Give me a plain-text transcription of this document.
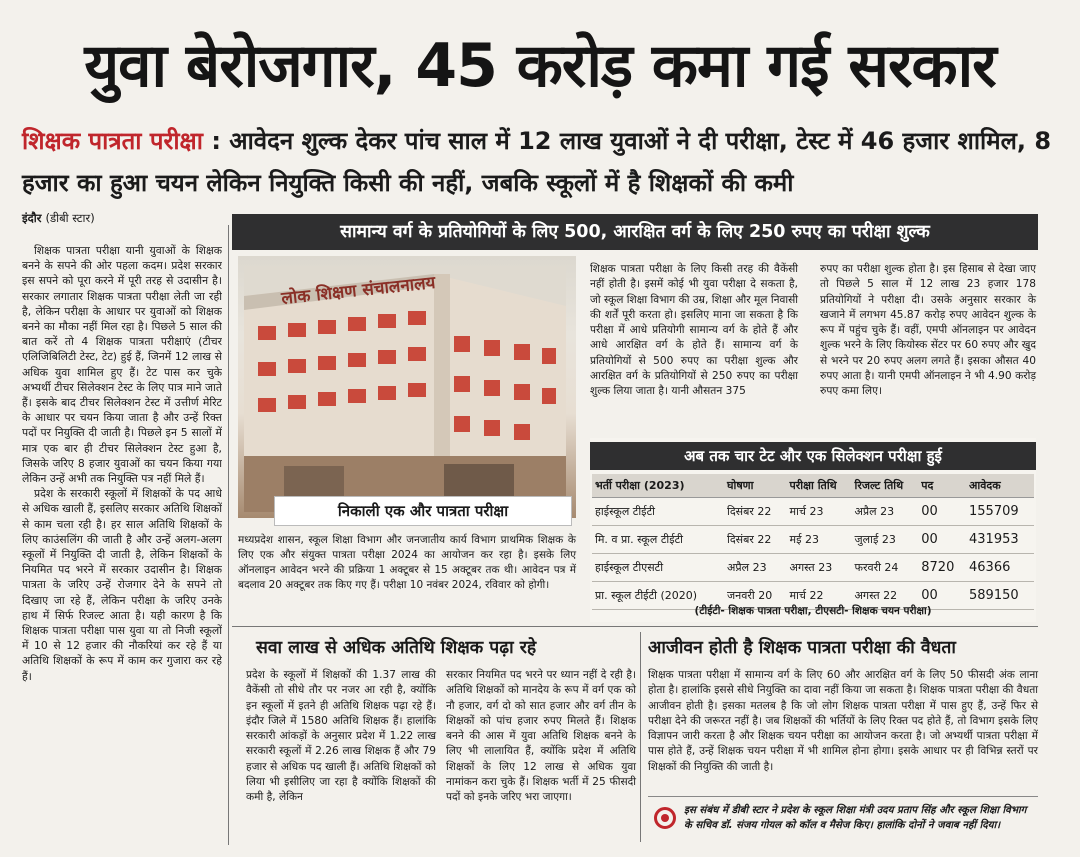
युवा बेरोजगार, 45 करोड़ कमा गई सरकार
शिक्षक पात्रता परीक्षा : आवेदन शुल्क देकर पांच साल में 12 लाख युवाओं ने दी परीक्षा, टेस्ट में 46 हजार शामिल, 8 हजार का हुआ चयन लेकिन नियुक्ति किसी की नहीं, जबकि स्कूलों में है शिक्षकों की कमी
इंदौर (डीबी स्टार)

शिक्षक पात्रता परीक्षा यानी युवाओं के शिक्षक बनने के सपने की ओर पहला कदम। प्रदेश सरकार इस सपने को पूरा करने में पूरी तरह से उदासीन है। सरकार लगातार शिक्षक पात्रता परीक्षा लेती जा रही है, लेकिन परीक्षा के आधार पर युवाओं को शिक्षक बनने का मौका नहीं मिल रहा है। पिछले 5 साल की बात करें तो 4 शिक्षक पात्रता परीक्षाएं (टीचर एलिजिबिलिटी टेस्ट, टेट) हुई हैं, जिनमें 12 लाख से अधिक युवा शामिल हुए हैं। टेट पास कर चुके अभ्यर्थी टीचर सिलेक्शन टेस्ट के लिए पात्र माने जाते हैं। इसके बाद टीचर सिलेक्शन टेस्ट में उत्तीर्ण मेरिट के आधार पर चयन किया जाता है और उन्हें रिक्त पदों पर नियुक्ति दी जाती है। पिछले इन 5 सालों में मात्र एक बार ही टीचर सिलेक्शन टेस्ट हुआ है, जिसके जरिए 8 हजार युवाओं का चयन किया गया लेकिन उन्हें अभी तक नियुक्ति पत्र नहीं मिले हैं।

प्रदेश के सरकारी स्कूलों में शिक्षकों के पद आधे से अधिक खाली हैं, इसलिए सरकार अतिथि शिक्षकों से काम चला रही है। हर साल अतिथि शिक्षकों के लिए काउंसलिंग की जाती है और उन्हें अलग-अलग स्कूलों में नियुक्ति दी जाती है, लेकिन शिक्षकों के नियमित पद भरने में सरकार उदासीन है। शिक्षक पात्रता के जरिए उन्हें रोजगार देने के सपने तो दिखाए जा रहे हैं, लेकिन परीक्षा के जरिए उनके हाथ में सिर्फ रिजल्ट आता है। यही कारण है कि शिक्षक पात्रता परीक्षा पास युवा या तो निजी स्कूलों में 10 से 12 हजार की नौकरियां कर रहे हैं या अतिथि शिक्षकों के रूप में काम कर गुजारा कर रहे हैं।

सामान्य वर्ग के प्रतियोगियों के लिए 500, आरक्षित वर्ग के लिए 250 रुपए का परीक्षा शुल्क
लोक शिक्षण संचालनालय
निकाली एक और पात्रता परीक्षा
मध्यप्रदेश शासन, स्कूल शिक्षा विभाग और जनजातीय कार्य विभाग प्राथमिक शिक्षक के लिए एक और संयुक्त पात्रता परीक्षा 2024 का आयोजन कर रहा है। इसके लिए ऑनलाइन आवेदन भरने की प्रक्रिया 1 अक्टूबर से 15 अक्टूबर तक थी। आवेदन पत्र में बदलाव 20 अक्टूबर तक किए गए हैं। परीक्षा 10 नवंबर 2024, रविवार को होगी।
शिक्षक पात्रता परीक्षा के लिए किसी तरह की वैकेंसी नहीं होती है। इसमें कोई भी युवा परीक्षा दे सकता है, जो स्कूल शिक्षा विभाग की उम्र, शिक्षा और मूल निवासी की शर्तें पूरी करता हो। इसलिए माना जा सकता है कि परीक्षा में आधे प्रतियोगी सामान्य वर्ग के होते हैं और आधे आरक्षित वर्ग के होते हैं। सामान्य वर्ग के प्रतियोगियों से 500 रुपए का परीक्षा शुल्क और आरक्षित वर्ग के प्रतियोगियों से 250 रुपए का परीक्षा शुल्क लिया जाता है। यानी औसतन 375
रुपए का परीक्षा शुल्क होता है। इस हिसाब से देखा जाए तो पिछले 5 साल में 12 लाख 23 हजार 178 प्रतियोगियों ने परीक्षा दी। उसके अनुसार सरकार के खजाने में लगभग 45.87 करोड़ रुपए आवेदन शुल्क के रूप में पहुंच चुके हैं। वहीं, एमपी ऑनलाइन पर आवेदन शुल्क भरने के लिए कियोस्क सेंटर पर 60 रुपए और खुद से भरने पर 20 रुपए अलग लगते हैं। इसका औसत 40 रुपए आता है। यानी एमपी ऑनलाइन ने भी 4.90 करोड़ रुपए कमा लिए।
अब तक चार टेट और एक सिलेक्शन परीक्षा हुई
भर्ती परीक्षा (2023)	घोषणा	परीक्षा तिथि	रिजल्ट तिथि	पद	आवेदक
हाईस्कूल टीईटी	दिसंबर 22	मार्च 23	अप्रैल 23	00	155709
मि. व प्रा. स्कूल टीईटी	दिसंबर 22	मई 23	जुलाई 23	00	431953
हाईस्कूल टीएसटी	अप्रैल 23	अगस्त 23	फरवरी 24	8720	46366
प्रा. स्कूल टीईटी (2020)	जनवरी 20	मार्च 22	अगस्त 22	00	589150
(टीईटी- शिक्षक पात्रता परीक्षा, टीएसटी- शिक्षक चयन परीक्षा)
सवा लाख से अधिक अतिथि शिक्षक पढ़ा रहे
प्रदेश के स्कूलों में शिक्षकों की 1.37 लाख की वैकेंसी तो सीधे तौर पर नजर आ रही है, क्योंकि इन स्कूलों में इतने ही अतिथि शिक्षक पढ़ा रहे हैं। इंदौर जिले में 1580 अतिथि शिक्षक हैं। हालांकि सरकारी आंकड़ों के अनुसार प्रदेश में 1.22 लाख सरकारी स्कूलों में 2.26 लाख शिक्षक हैं और 79 हजार से अधिक पद खाली हैं। अतिथि शिक्षकों को लिया भी इसीलिए जा रहा है क्योंकि शिक्षकों की कमी है, लेकिन
सरकार नियमित पद भरने पर ध्यान नहीं दे रही है। अतिथि शिक्षकों को मानदेय के रूप में वर्ग एक को नौ हजार, वर्ग दो को सात हजार और वर्ग तीन के शिक्षकों को पांच हजार रुपए मिलते हैं। शिक्षक बनने की आस में युवा अतिथि शिक्षक बनने के लिए भी लालायित हैं, क्योंकि प्रदेश में अतिथि शिक्षकों के लिए 12 लाख से अधिक युवा नामांकन करा चुके हैं। शिक्षक भर्ती में 25 फीसदी पदों को इनके जरिए भरा जाएगा।
आजीवन होती है शिक्षक पात्रता परीक्षा की वैधता
शिक्षक पात्रता परीक्षा में सामान्य वर्ग के लिए 60 और आरक्षित वर्ग के लिए 50 फीसदी अंक लाना होता है। हालांकि इससे सीधे नियुक्ति का दावा नहीं किया जा सकता है। शिक्षक पात्रता परीक्षा की वैधता आजीवन होती है। इसका मतलब है कि जो लोग शिक्षक पात्रता परीक्षा में पास हुए हैं, उन्हें फिर से परीक्षा देने की जरूरत नहीं है। जब शिक्षकों की भर्तियों के लिए रिक्त पद होते हैं, तो विभाग इसके लिए विज्ञापन जारी करता है और शिक्षक चयन परीक्षा का आयोजन करता है। जो अभ्यर्थी पात्रता परीक्षा में पास होते हैं, उन्हें शिक्षक चयन परीक्षा में भी शामिल होना होगा। इसके आधार पर ही विभिन्न स्तरों पर शिक्षकों की नियुक्ति की जाती है।
इस संबंध में डीबी स्टार ने प्रदेश के स्कूल शिक्षा मंत्री उदय प्रताप सिंह और स्कूल शिक्षा विभाग के सचिव डॉ. संजय गोयल को कॉल व मैसेज किए। हालांकि दोनों ने जवाब नहीं दिया।
